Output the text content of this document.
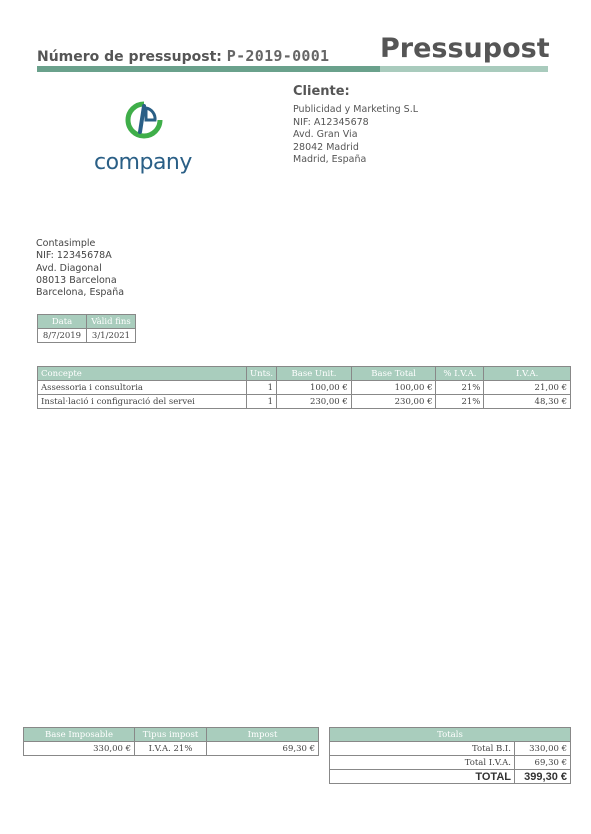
Número de pressupost: P-2019-0001 Pressupost
company
Cliente:
Publicidad y Marketing S.L
NIF: A12345678
Avd. Gran Via
28042 Madrid
Madrid, España
Contasimple
NIF: 12345678A
Avd. Diagonal
08013 Barcelona
Barcelona, España
Data	Vàlid fins
8/7/2019	3/1/2021
Concepte	Unts.	Base Unit.	Base Total	% I.V.A.	I.V.A.
Assessoria i consultoria	1	100,00 €	100,00 €	21%	21,00 €
Instal·lació i configuració del servei	1	230,00 €	230,00 €	21%	48,30 €
Base Imposable	Tipus impost	Impost
330,00 €	I.V.A. 21%	69,30 €
Totals	
Total B.I.	330,00 €
Total I.V.A.	69,30 €
TOTAL	399,30 €
